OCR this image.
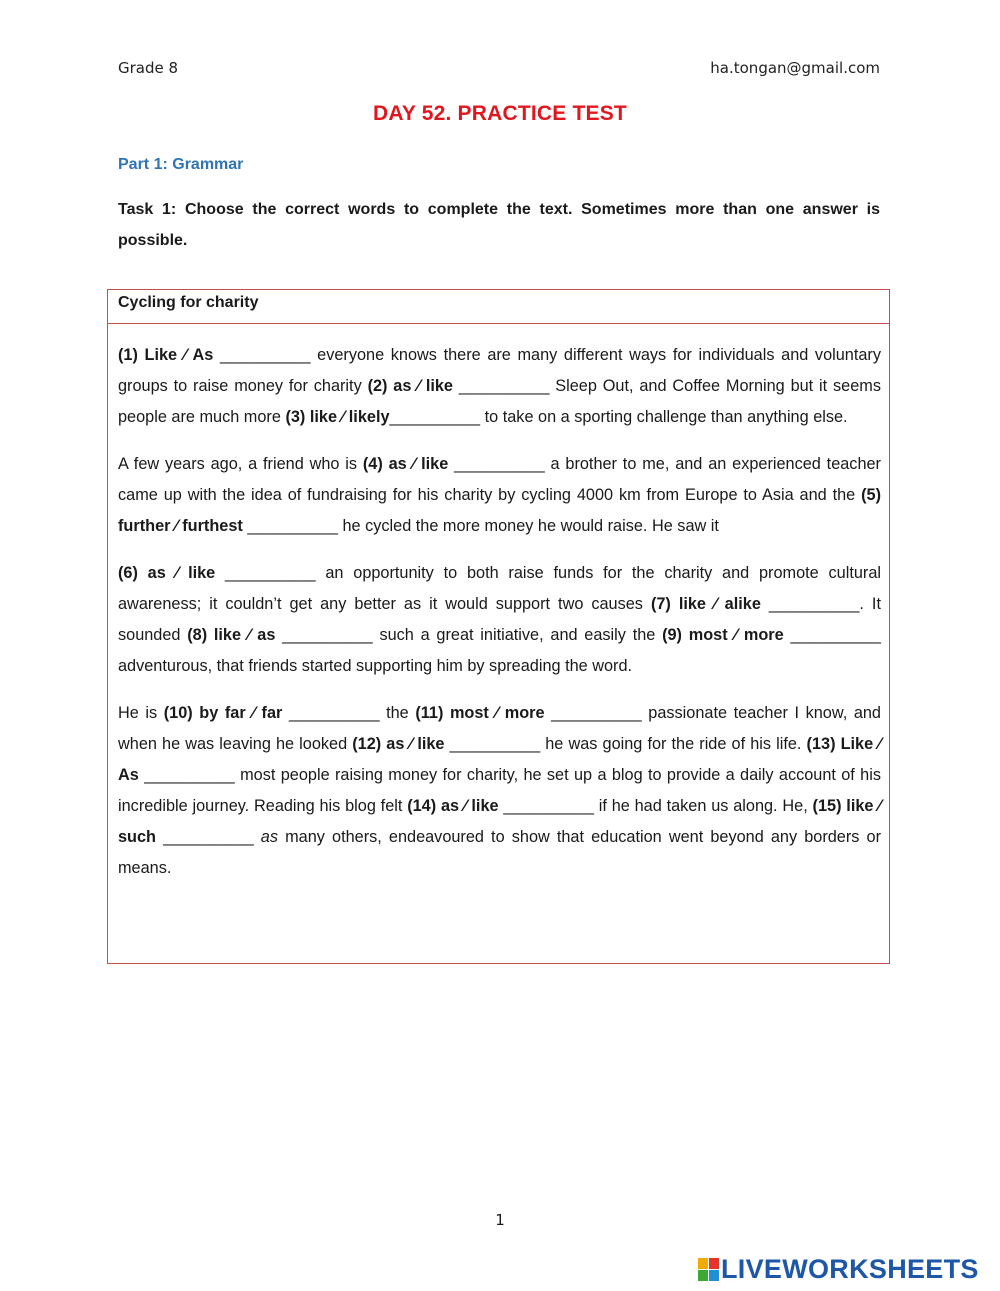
Grade 8	ha.tongan@gmail.com
DAY 52. PRACTICE TEST
Part 1: Grammar
Task 1: Choose the correct words to complete the text. Sometimes more than one answer is possible.
Cycling for charity

(1) Like ⁄ As __________ everyone knows there are many different ways for individuals and voluntary groups to raise money for charity (2) as ⁄ like __________ Sleep Out, and Coffee Morning but it seems people are much more (3) like ⁄ likely__________ to take on a sporting challenge than anything else.

A few years ago, a friend who is (4) as ⁄ like __________ a brother to me, and an experienced teacher came up with the idea of fundraising for his charity by cycling 4000 km from Europe to Asia and the (5) further ⁄ furthest __________ he cycled the more money he would raise. He saw it

(6) as ⁄ like __________ an opportunity to both raise funds for the charity and promote cultural awareness; it couldn’t get any better as it would support two causes (7) like ⁄ alike __________. It sounded (8) like ⁄ as __________ such a great initiative, and easily the (9) most ⁄ more __________ adventurous, that friends started supporting him by spreading the word.

He is (10) by far ⁄ far __________ the (11) most ⁄ more __________ passionate teacher I know, and when he was leaving he looked (12) as ⁄ like __________ he was going for the ride of his life. (13) Like ⁄ As __________ most people raising money for charity, he set up a blog to provide a daily account of his incredible journey. Reading his blog felt (14) as ⁄ like __________ if he had taken us along. He, (15) like ⁄ such __________ as many others, endeavoured to show that education went beyond any borders or means.

1
LIVEWORKSHEETS
